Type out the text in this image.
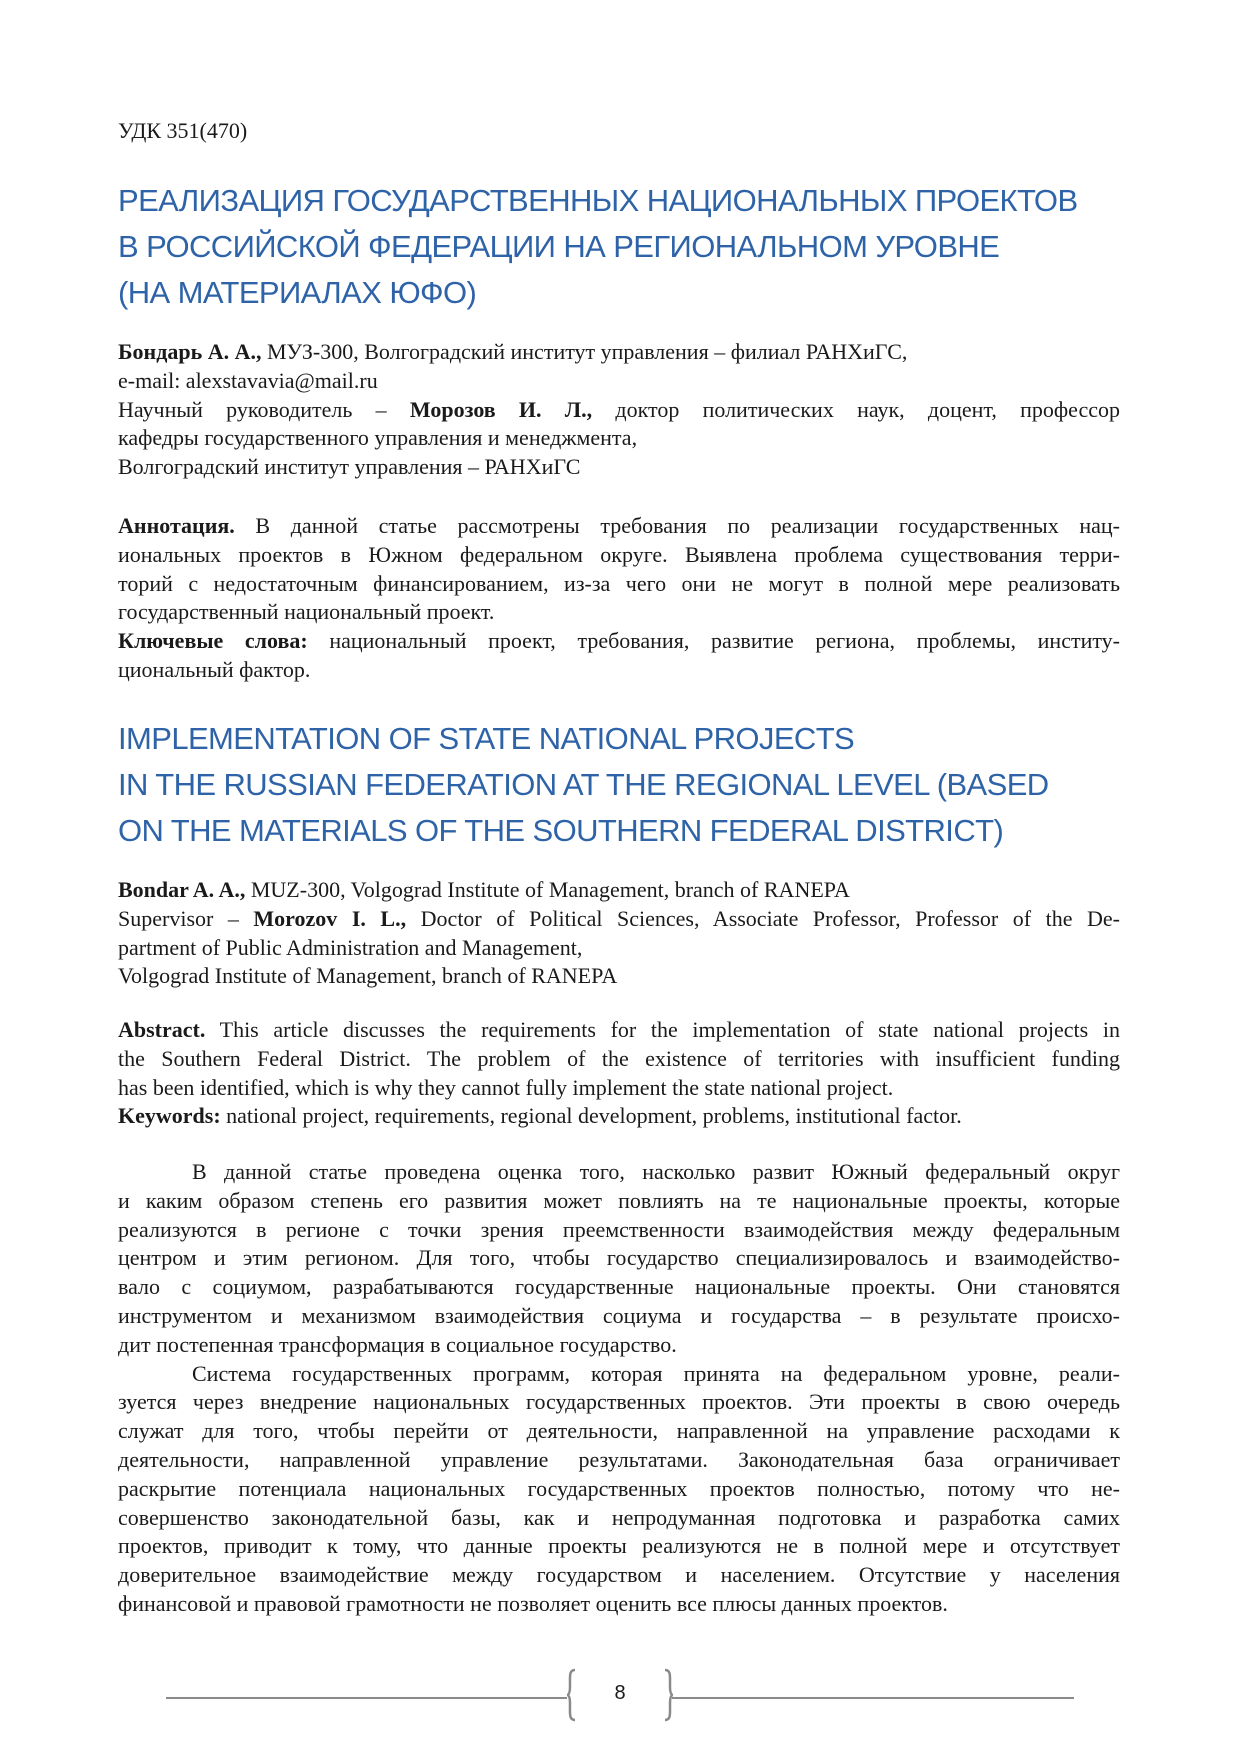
УДК 351(470)
РЕАЛИЗАЦИЯ ГОСУДАРСТВЕННЫХ НАЦИОНАЛЬНЫХ ПРОЕКТОВ
В РОССИЙСКОЙ ФЕДЕРАЦИИ НА РЕГИОНАЛЬНОМ УРОВНЕ
(НА МАТЕРИАЛАХ ЮФО)
Бондарь А. А., МУЗ-300, Волгоградский институт управления – филиал РАНХиГС,
e-mail: alexstavavia@mail.ru
Научный руководитель – Морозов И. Л., доктор политических наук, доцент, профессор
кафедры государственного управления и менеджмента,
Волгоградский институт управления – РАНХиГС
Аннотация. В данной статье рассмотрены требования по реализации государственных нац-
иональных проектов в Южном федеральном округе. Выявлена проблема существования терри-
торий с недостаточным финансированием, из-за чего они не могут в полной мере реализовать
государственный национальный проект.
Ключевые слова: национальный проект, требования, развитие региона, проблемы, институ-
циональный фактор.
IMPLEMENTATION OF STATE NATIONAL PROJECTS
IN THE RUSSIAN FEDERATION AT THE REGIONAL LEVEL (BASED
ON THE MATERIALS OF THE SOUTHERN FEDERAL DISTRICT)
Bondar A. A., MUZ-300, Volgograd Institute of Management, branch of RANEPA
Supervisor – Morozov I. L., Doctor of Political Sciences, Associate Professor, Professor of the De-
partment of Public Administration and Management,
Volgograd Institute of Management, branch of RANEPA
Abstract. This article discusses the requirements for the implementation of state national projects in
the Southern Federal District. The problem of the existence of territories with insufficient funding
has been identified, which is why they cannot fully implement the state national project.
Keywords: national project, requirements, regional development, problems, institutional factor.
В данной статье проведена оценка того, насколько развит Южный федеральный округ
и каким образом степень его развития может повлиять на те национальные проекты, которые
реализуются в регионе с точки зрения преемственности взаимодействия между федеральным
центром и этим регионом. Для того, чтобы государство специализировалось и взаимодейство-
вало с социумом, разрабатываются государственные национальные проекты. Они становятся
инструментом и механизмом взаимодействия социума и государства – в результате происхо-
дит постепенная трансформация в социальное государство.
Система государственных программ, которая принята на федеральном уровне, реали-
зуется через внедрение национальных государственных проектов. Эти проекты в свою очередь
служат для того, чтобы перейти от деятельности, направленной на управление расходами к
деятельности, направленной управление результатами. Законодательная база ограничивает
раскрытие потенциала национальных государственных проектов полностью, потому что не-
совершенство законодательной базы, как и непродуманная подготовка и разработка самих
проектов, приводит к тому, что данные проекты реализуются не в полной мере и отсутствует
доверительное взаимодействие между государством и населением. Отсутствие у населения
финансовой и правовой грамотности не позволяет оценить все плюсы данных проектов.
8
